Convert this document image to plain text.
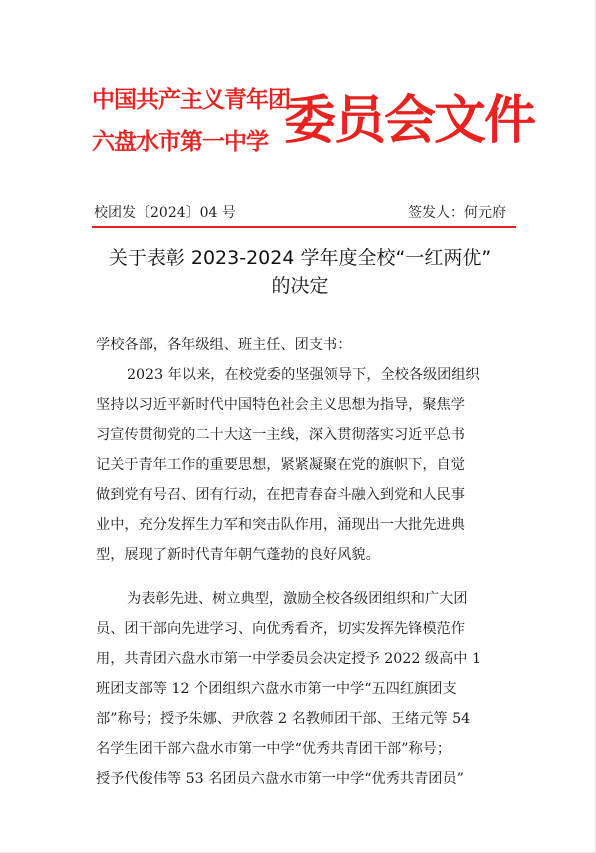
中国共产主义青年团
六盘水市第一中学 委员会文件
校团发〔2024〕04 号	签发人：何元府
关于表彰 2023-2024 学年度全校“一红两优”
的决定
学校各部，各年级组、班主任、团支书：
2023 年以来，在校党委的坚强领导下，全校各级团组织
坚持以习近平新时代中国特色社会主义思想为指导，聚焦学
习宣传贯彻党的二十大这一主线，深入贯彻落实习近平总书
记关于青年工作的重要思想，紧紧凝聚在党的旗帜下，自觉
做到党有号召、团有行动，在把青春奋斗融入到党和人民事
业中，充分发挥生力军和突击队作用，涌现出一大批先进典
型，展现了新时代青年朝气蓬勃的良好风貌。
为表彰先进、树立典型，激励全校各级团组织和广大团
员、团干部向先进学习、向优秀看齐，切实发挥先锋模范作
用，共青团六盘水市第一中学委员会决定授予 2022 级高中 1
班团支部等 12 个团组织六盘水市第一中学“五四红旗团支
部”称号；授予朱娜、尹欣蓉 2 名教师团干部、王绪元等 54
名学生团干部六盘水市第一中学“优秀共青团干部”称号；
授予代俊伟等 53 名团员六盘水市第一中学“优秀共青团员”
